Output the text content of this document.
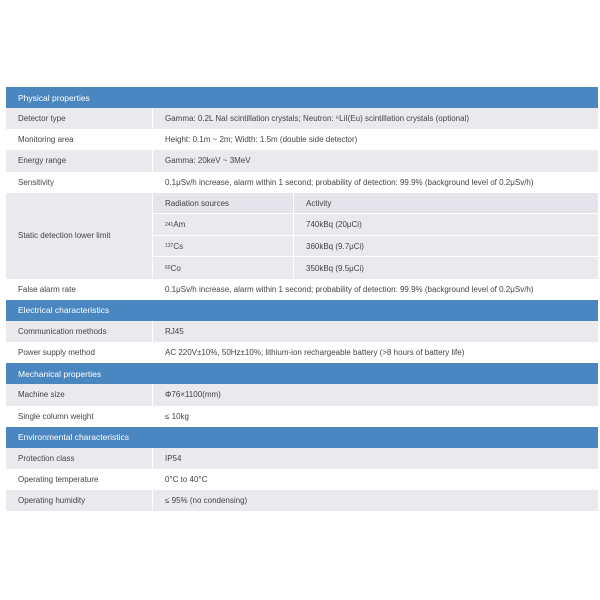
Physical properties
Detector type	Gamma: 0.2L NaI scintillation crystals; Neutron: ⁶LiI(Eu) scintillation crystals (optional)
Monitoring area	Height: 0.1m ~ 2m; Width: 1.5m (double side detector)
Energy range	Gamma: 20keV ~ 3MeV
Sensitivity	0.1μSv/h increase, alarm within 1 second; probability of detection: 99.9% (background level of 0.2μSv/h)
Static detection lower limit
Radiation sources	Activity
241 Am	740kBq (20μCi)
137 Cs	360kBq (9.7μCi)
60 Co	350kBq (9.5μCi)
False alarm rate	0.1μSv/h increase, alarm within 1 second; probability of detection: 99.9% (background level of 0.2μSv/h)
Electrical characteristics
Communication methods	RJ45
Power supply method	AC 220V±10%, 50Hz±10%; lithium-ion rechargeable battery (>8 hours of battery life)
Mechanical properties
Machine size	Φ76×1100(mm)
Single column weight	≤ 10kg
Environmental characteristics
Protection class	IP54
Operating temperature	0°C to 40°C
Operating humidity	≤ 95% (no condensing)
